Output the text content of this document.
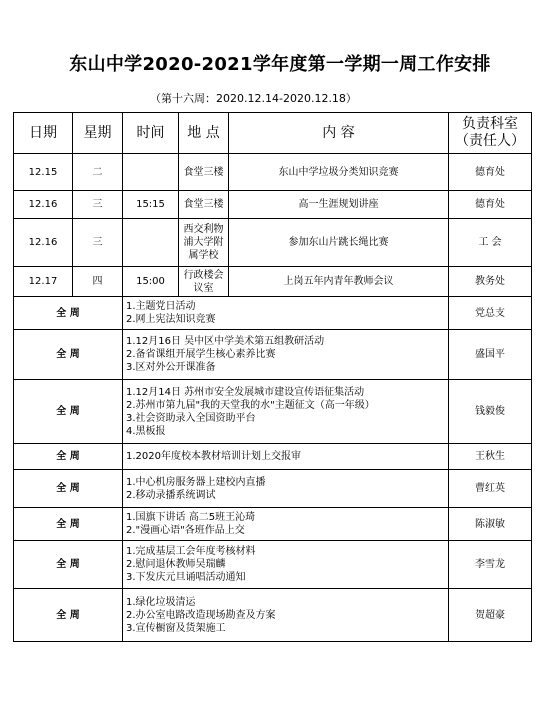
东山中学2020-2021学年度第一学期一周工作安排
（第十六周：2020.12.14-2020.12.18）
日期	星期	时间	地 点	内 容	负责科室
（责任人）

12.15	二		食堂三楼	东山中学垃圾分类知识竞赛	德育处
12.16	三	15:15	食堂三楼	高一生涯规划讲座	德育处
12.16	三		西交利物浦大学附属学校	参加东山片跳长绳比赛	工 会
12.17	四	15:00	行政楼会议室	上岗五年内青年教师会议	教务处
全 周		1.主题党日活动
2.网上宪法知识竞赛			党总支
全 周		1.12月16日 吴中区中学美术第五组教研活动
2.备省课组开展学生核心素养比赛
3.区对外公开课准备			盛国平
全 周		1.12月14日 苏州市安全发展城市建设宣传语征集活动
2.苏州市第九届"我的天堂我的水"主题征文（高一年级）
3.社会资助录入全国资助平台
4.黑板报			钱毅俊
全 周		1.2020年度校本教材培训计划上交报审			王秋生
全 周		1.中心机房服务器上建校内直播
2.移动录播系统调试			曹红英
全 周		1.国旗下讲话 高二5班王沁琦
2."漫画心语"各班作品上交			陈淑敏
全 周		1.完成基层工会年度考核材料
2.慰问退休教师吴瑞麟
3.下发庆元旦诵唱活动通知			李雪龙
全 周		1.绿化垃圾清运
2.办公室电路改造现场勘查及方案
3.宣传橱窗及货架施工			贺超豪
